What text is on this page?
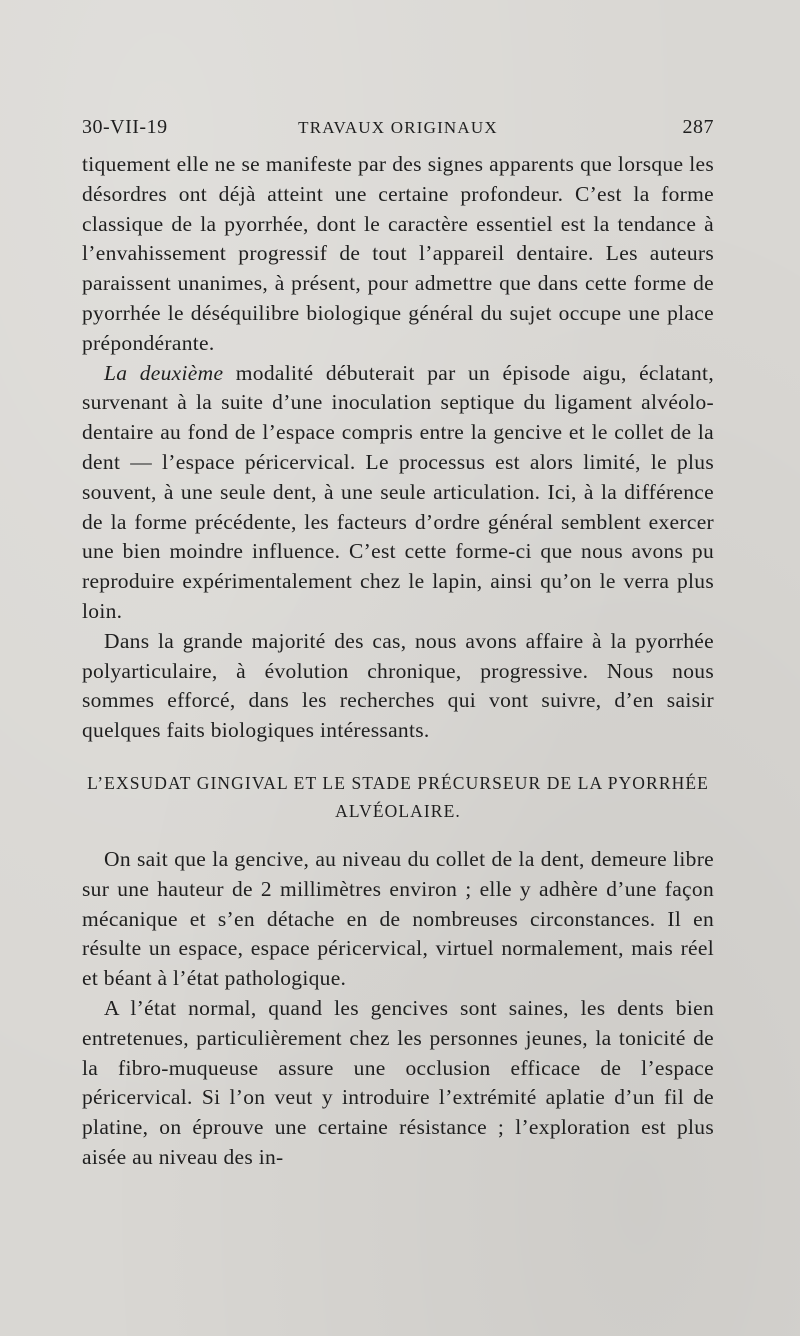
30-VII-19	TRAVAUX ORIGINAUX	287

tiquement elle ne se manifeste par des signes apparents que lorsque les désordres ont déjà atteint une certaine profondeur. C’est la forme classique de la pyorrhée, dont le caractère essentiel est la tendance à l’envahissement progressif de tout l’appareil dentaire. Les auteurs paraissent unanimes, à présent, pour admettre que dans cette forme de pyorrhée le déséquilibre biologique général du sujet occupe une place prépondérante.

La deuxième modalité débuterait par un épisode aigu, éclatant, survenant à la suite d’une inoculation septique du ligament alvéolo-dentaire au fond de l’espace compris entre la gencive et le collet de la dent — l’espace péricervical. Le processus est alors limité, le plus souvent, à une seule dent, à une seule articulation. Ici, à la différence de la forme précédente, les facteurs d’ordre général semblent exercer une bien moindre influence. C’est cette forme-ci que nous avons pu reproduire expérimentalement chez le lapin, ainsi qu’on le verra plus loin.

Dans la grande majorité des cas, nous avons affaire à la pyorrhée polyarticulaire, à évolution chronique, progressive. Nous nous sommes efforcé, dans les recherches qui vont suivre, d’en saisir quelques faits biologiques intéressants.

L’EXSUDAT GINGIVAL ET LE STADE PRÉCURSEUR DE LA PYORRHÉE ALVÉOLAIRE.

On sait que la gencive, au niveau du collet de la dent, demeure libre sur une hauteur de 2 millimètres environ ; elle y adhère d’une façon mécanique et s’en détache en de nombreuses circonstances. Il en résulte un espace, espace péricervical, virtuel normalement, mais réel et béant à l’état pathologique.

A l’état normal, quand les gencives sont saines, les dents bien entretenues, particulièrement chez les personnes jeunes, la tonicité de la fibro-muqueuse assure une occlusion efficace de l’espace péricervical. Si l’on veut y introduire l’extrémité aplatie d’un fil de platine, on éprouve une certaine résistance ; l’exploration est plus aisée au niveau des in-
